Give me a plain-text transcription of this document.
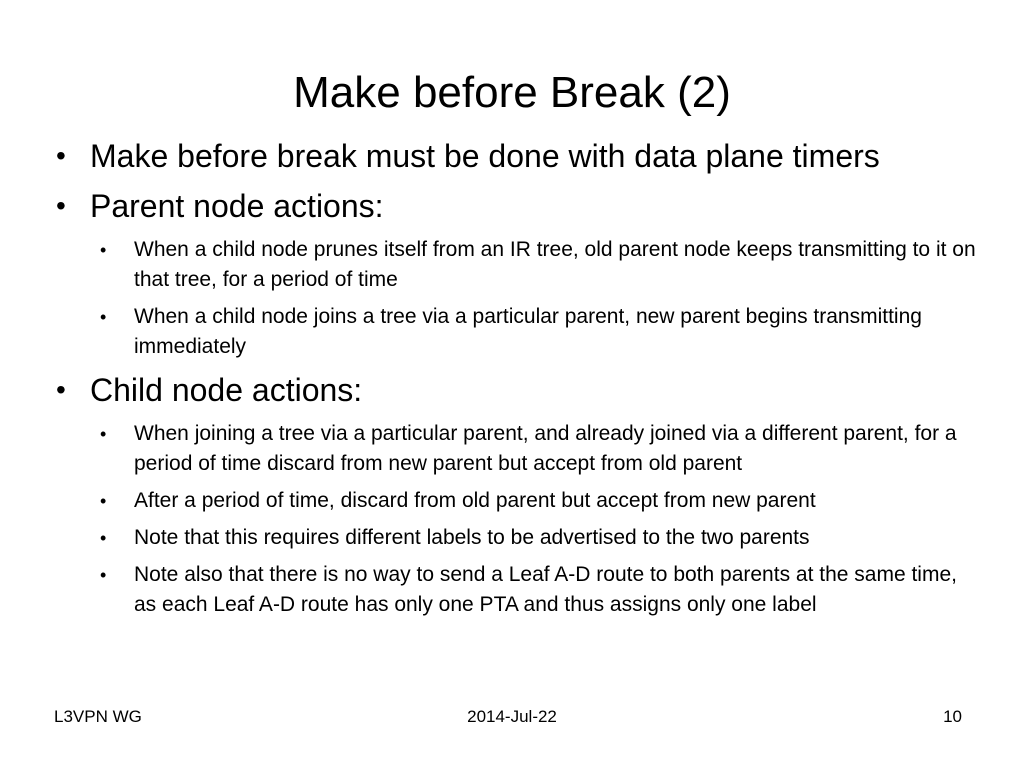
Make before Break (2)
• Make before break must be done with data plane timers
• Parent node actions:
• When a child node prunes itself from an IR tree, old parent node keeps transmitting to it on that tree, for a period of time
• When a child node joins a tree via a particular parent, new parent begins transmitting immediately
• Child node actions:
• When joining a tree via a particular parent, and already joined via a different parent, for a period of time discard from new parent but accept from old parent
• After a period of time, discard from old parent but accept from new parent
• Note that this requires different labels to be advertised to the two parents
• Note also that there is no way to send a Leaf A-D route to both parents at the same time, as each Leaf A-D route has only one PTA and thus assigns only one label
L3VPN WG	2014-Jul-22	10
